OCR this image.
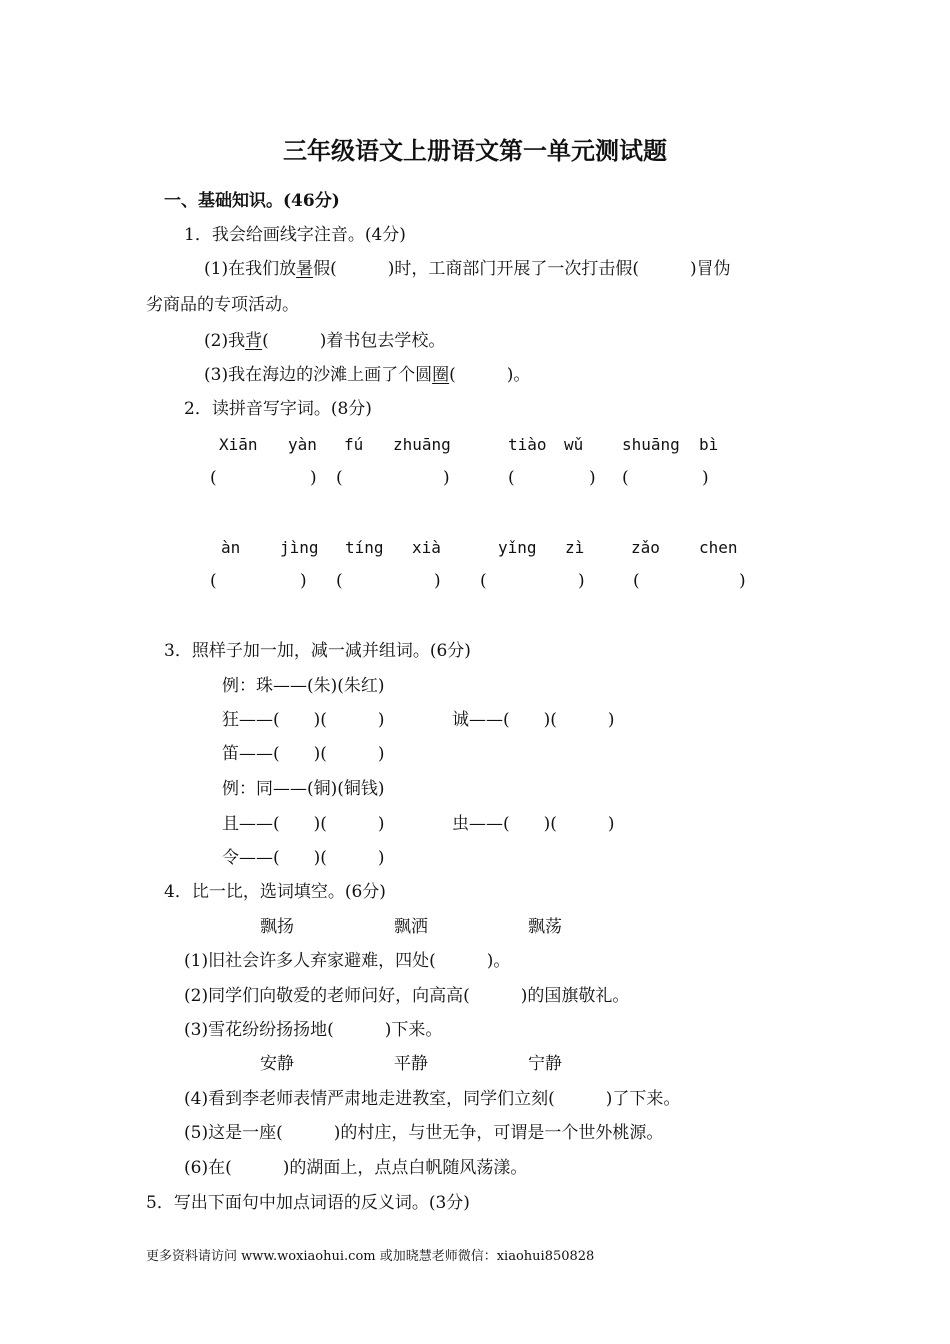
三年级语文上册语文第一单元测试题
一、基础知识。(46分)
1．我会给画线字注音。(4分)
(1)在我们放暑假(　　　)时，工商部门开展了一次打击假(　　　)冒伪
劣商品的专项活动。
(2)我背(　　　)着书包去学校。
(3)我在海边的沙滩上画了个圆圈(　　　)。
2．读拼音写字词。(8分)
Xiān yàn fú zhuāng	tiào wǔ shuāng bì
(	) (	)	(	) (	)
àn jìng tíng xià	yǐng zì	zǎo chen
(	) (	) (	)	(	)
3．照样子加一加，减一减并组词。(6分)
例：珠——(朱)(朱红)
狂——(　　)(　　　)	诚——(　　)(　　　)
笛——(　　)(　　　)
例：同——(铜)(铜钱)
且——(　　)(　　　)	虫——(　　)(　　　)
令——(　　)(　　　)
4．比一比，选词填空。(6分)
飘扬	飘洒	飘荡
(1)旧社会许多人弃家避难，四处(　　　)。
(2)同学们向敬爱的老师问好，向高高(　　　)的国旗敬礼。
(3)雪花纷纷扬扬地(　　　)下来。
安静	平静	宁静
(4)看到李老师表情严肃地走进教室，同学们立刻(　　　)了下来。
(5)这是一座(　　　)的村庄，与世无争，可谓是一个世外桃源。
(6)在(　　　)的湖面上，点点白帆随风荡漾。
5．写出下面句中加点词语的反义词。(3分)
更多资料请访问 www.woxiaohui.com 或加晓慧老师微信：xiaohui850828
